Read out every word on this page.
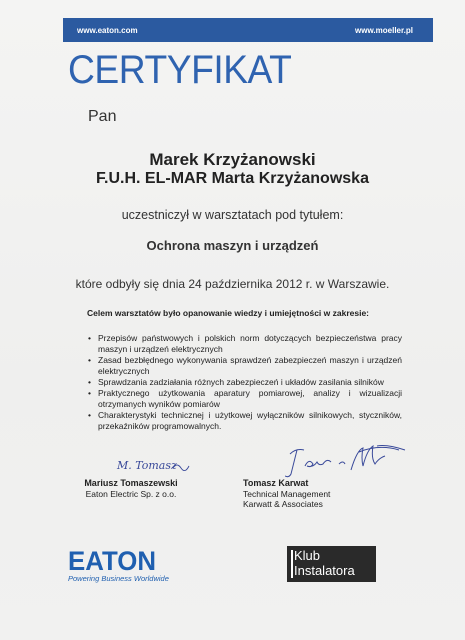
www.eaton.com	www.moeller.pl
CERTYFIKAT
Pan
Marek Krzyżanowski
F.U.H. EL-MAR Marta Krzyżanowska
uczestniczył w warsztatach pod tytułem:
Ochrona maszyn i urządzeń
które odbyły się dnia 24 października 2012 r. w Warszawie.
Celem warsztatów było opanowanie wiedzy i umiejętności w zakresie:
• Przepisów państwowych i polskich norm dotyczących bezpieczeństwa pracy maszyn i urządzeń elektrycznych
• Zasad bezbłędnego wykonywania sprawdzeń zabezpieczeń maszyn i urządzeń elektrycznych
• Sprawdzania zadziałania różnych zabezpieczeń i układów zasilania silników
• Praktycznego użytkowania aparatury pomiarowej, analizy i wizualizacji otrzymanych wyników pomiarów
• Charakterystyki technicznej i użytkowej wyłączników silnikowych, styczników, przekaźników programowalnych.
M. Tomasz
Mariusz Tomaszewski
Eaton Electric Sp. z o.o.
Tomasz Karwat
Technical Management
Karwatt & Associates
EATON
Powering Business Worldwide
Klub
Instalatora
